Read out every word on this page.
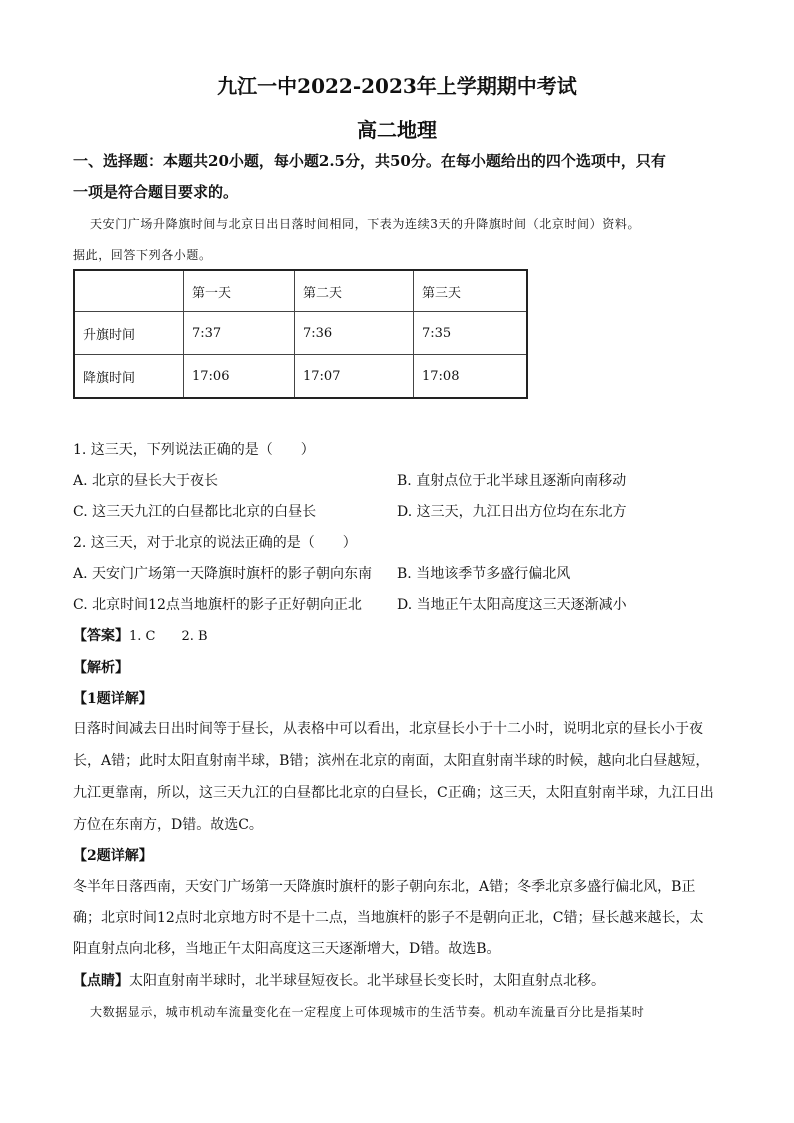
九江一中2022-2023年上学期期中考试
高二地理
一、选择题：本题共20小题，每小题2.5分，共50分。在每小题给出的四个选项中，只有
一项是符合题目要求的。
天安门广场升降旗时间与北京日出日落时间相同，下表为连续3天的升降旗时间（北京时间）资料。
据此，回答下列各小题。
	第一天	第二天	第三天
升旗时间	7:37	7:36	7:35
降旗时间	17:06	17:07	17:08
1. 这三天，下列说法正确的是（　　）
A. 北京的昼长大于夜长	B. 直射点位于北半球且逐渐向南移动
C. 这三天九江的白昼都比北京的白昼长	D. 这三天，九江日出方位均在东北方
2. 这三天，对于北京的说法正确的是（　　）
A. 天安门广场第一天降旗时旗杆的影子朝向东南 B. 当地该季节多盛行偏北风
C. 北京时间12点当地旗杆的影子正好朝向正北	D. 当地正午太阳高度这三天逐渐减小
【答案】1. C　　2. B
【解析】
【1题详解】
日落时间减去日出时间等于昼长，从表格中可以看出，北京昼长小于十二小时，说明北京的昼长小于夜
长，A错；此时太阳直射南半球，B错；滨州在北京的南面，太阳直射南半球的时候，越向北白昼越短，
九江更靠南，所以，这三天九江的白昼都比北京的白昼长，C正确；这三天，太阳直射南半球，九江日出
方位在东南方，D错。故选C。
【2题详解】
冬半年日落西南，天安门广场第一天降旗时旗杆的影子朝向东北，A错；冬季北京多盛行偏北风，B正
确；北京时间12点时北京地方时不是十二点，当地旗杆的影子不是朝向正北，C错；昼长越来越长，太
阳直射点向北移，当地正午太阳高度这三天逐渐增大，D错。故选B。
【点睛】太阳直射南半球时，北半球昼短夜长。北半球昼长变长时，太阳直射点北移。
大数据显示，城市机动车流量变化在一定程度上可体现城市的生活节奏。机动车流量百分比是指某时
